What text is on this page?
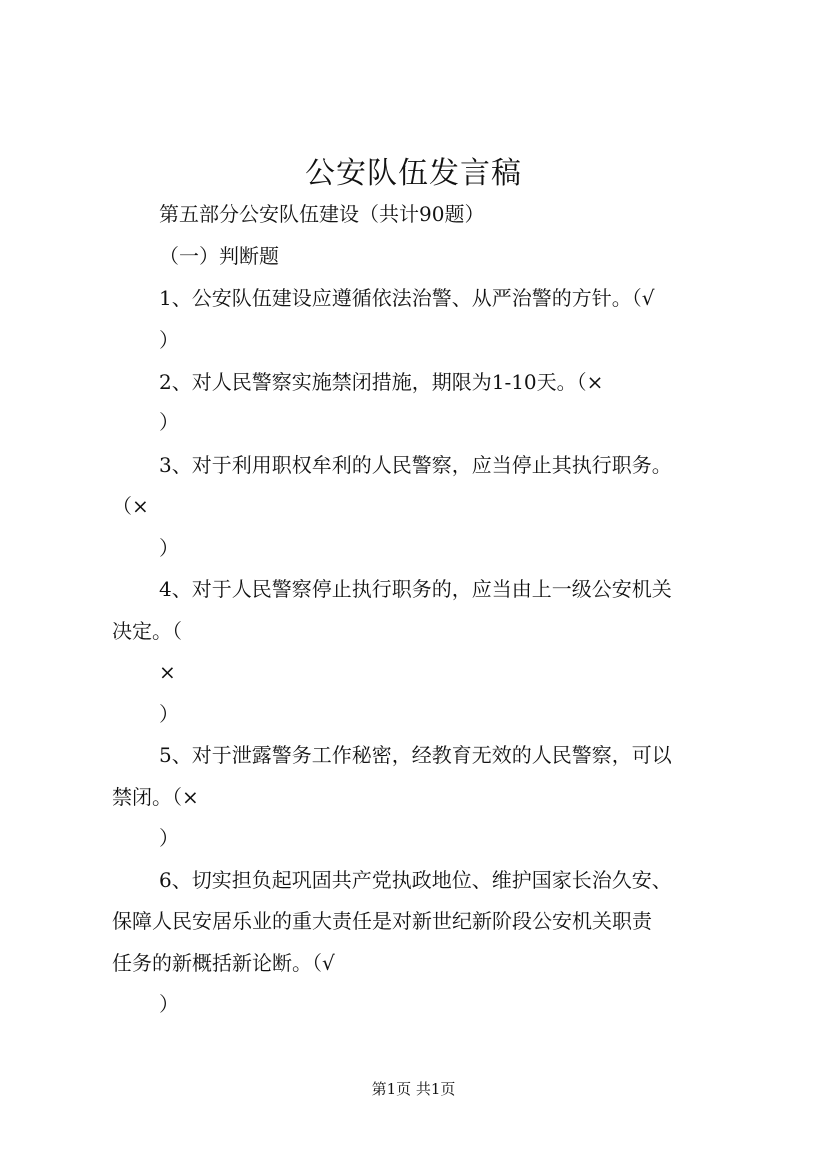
公安队伍发言稿
第五部分公安队伍建设（共计90题）
（一）判断题
1、公安队伍建设应遵循依法治警、从严治警的方针。（√
）
2、对人民警察实施禁闭措施，期限为1-10天。（×
）
3、对于利用职权牟利的人民警察，应当停止其执行职务。
（×
）
4、对于人民警察停止执行职务的，应当由上一级公安机关
决定。（
×
）
5、对于泄露警务工作秘密，经教育无效的人民警察，可以
禁闭。（×
）
6、切实担负起巩固共产党执政地位、维护国家长治久安、
保障人民安居乐业的重大责任是对新世纪新阶段公安机关职责
任务的新概括新论断。（√
）
第1页 共1页
